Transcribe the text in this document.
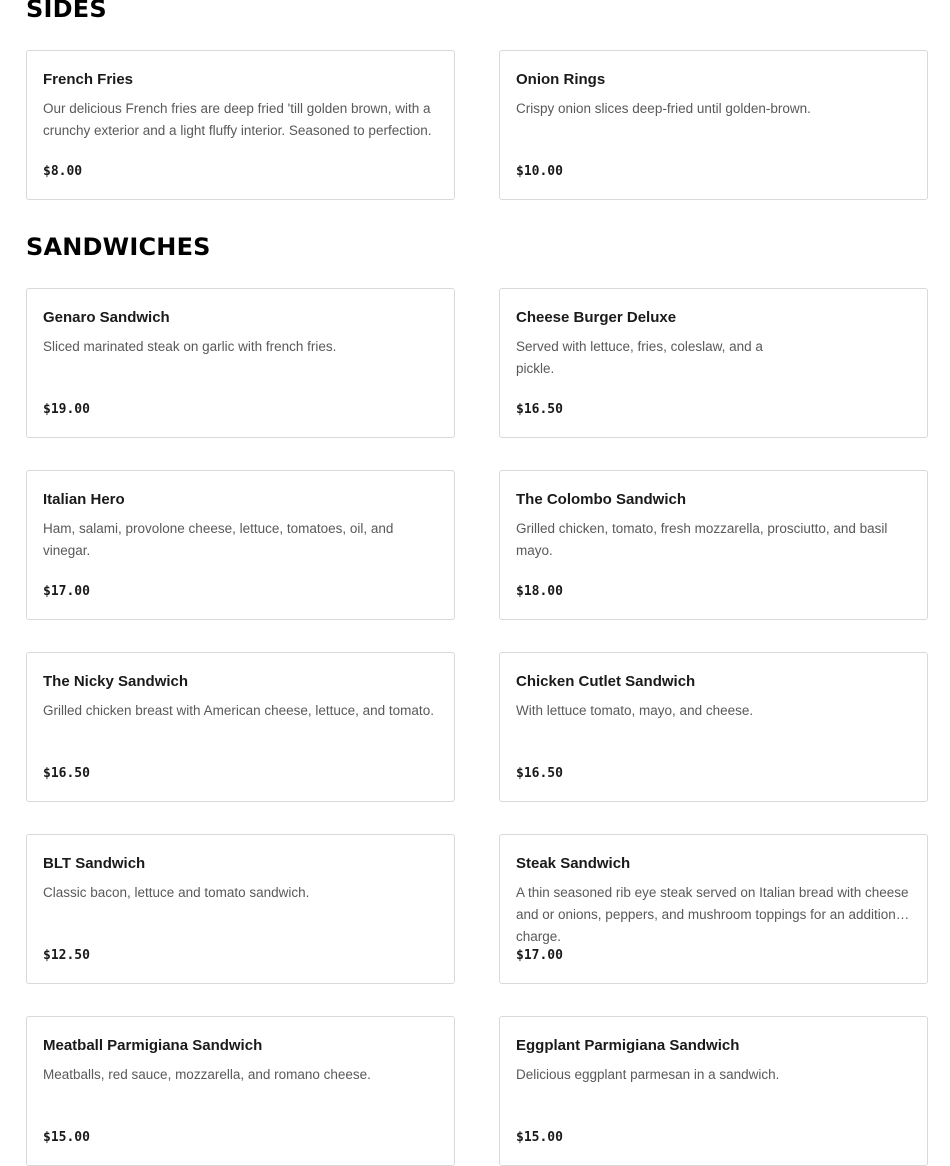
SIDES
French Fries
Our delicious French fries are deep fried 'till golden brown, with a crunchy exterior and a light fluffy interior. Seasoned to perfection.
$8.00
Onion Rings
Crispy onion slices deep-fried until golden-brown.
$10.00
SANDWICHES
Genaro Sandwich
Sliced marinated steak on garlic with french fries.
$19.00
Cheese Burger Deluxe
Served with lettuce, fries, coleslaw, and a pickle.
$16.50
Italian Hero
Ham, salami, provolone cheese, lettuce, tomatoes, oil, and vinegar.
$17.00
The Colombo Sandwich
Grilled chicken, tomato, fresh mozzarella, prosciutto, and basil mayo.
$18.00
The Nicky Sandwich
Grilled chicken breast with American cheese, lettuce, and tomato.
$16.50
Chicken Cutlet Sandwich
With lettuce tomato, mayo, and cheese.
$16.50
BLT Sandwich
Classic bacon, lettuce and tomato sandwich.
$12.50
Steak Sandwich
A thin seasoned rib eye steak served on Italian bread with cheese and or onions, peppers, and mushroom toppings for an additional charge.
$17.00
Meatball Parmigiana Sandwich
Meatballs, red sauce, mozzarella, and romano cheese.
$15.00
Eggplant Parmigiana Sandwich
Delicious eggplant parmesan in a sandwich.
$15.00
